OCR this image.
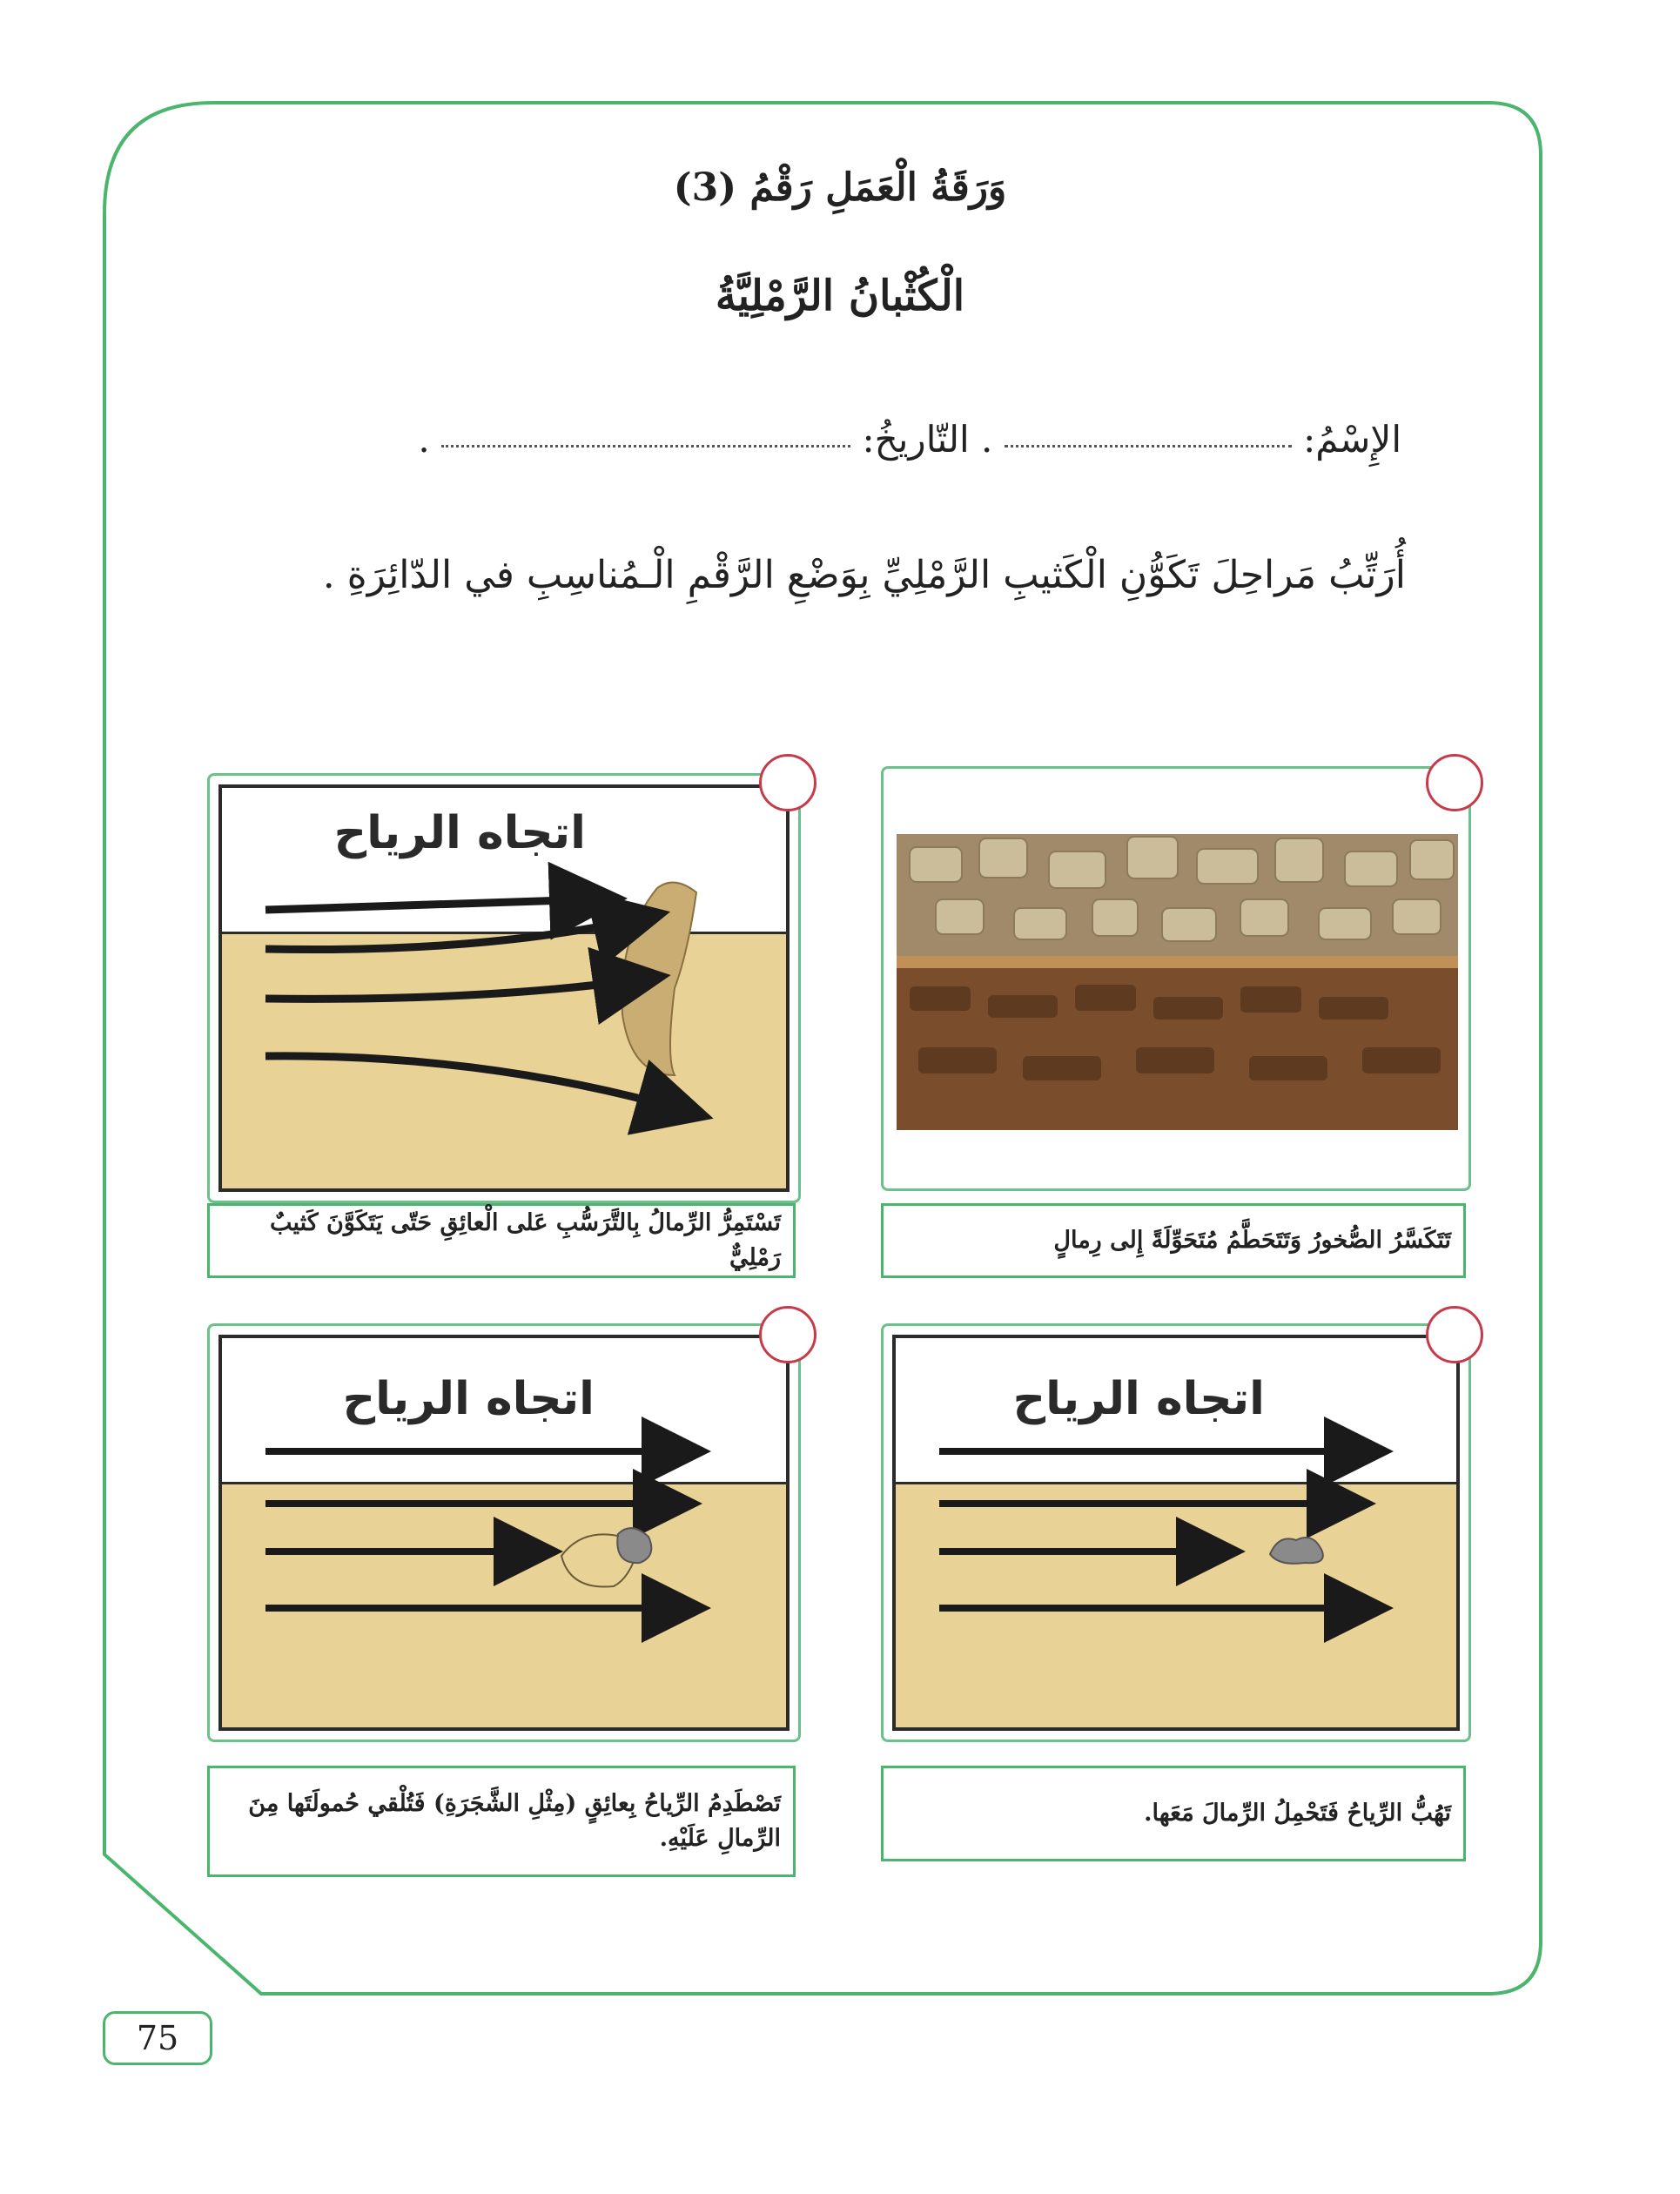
وَرَقَةُ الْعَمَلِ رَقْمُ (3)
الْكُثْبانُ الرَّمْلِيَّةُ
الإِسْمُ:  . التّاريخُ:  .
أُرَتِّبُ مَراحِلَ تَكَوُّنِ الْكَثيبِ الرَّمْلِيِّ بِوَضْعِ الرَّقْمِ الْـمُناسِبِ في الدّائِرَةِ .
اتجاه الرياح
تَسْتَمِرُّ الرِّمالُ بِالتَّرَسُّبِ عَلى الْعائِقِ حَتّى يَتَكَوَّنَ كَثيبٌ رَمْلِيٌّ
تَتَكَسَّرُ الصُّخورُ وَتَتَحَطَّمُ مُتَحَوِّلَةً إِلى رِمالٍ
اتجاه الرياح
تَصْطَدِمُ الرِّياحُ بِعائِقٍ (مِثْلِ الشَّجَرَةِ) فَتُلْقي حُمولَتَها مِنَ الرِّمالِ عَلَيْهِ.
اتجاه الرياح
تَهُبُّ الرِّياحُ فَتَحْمِلُ الرِّمالَ مَعَها.
75
